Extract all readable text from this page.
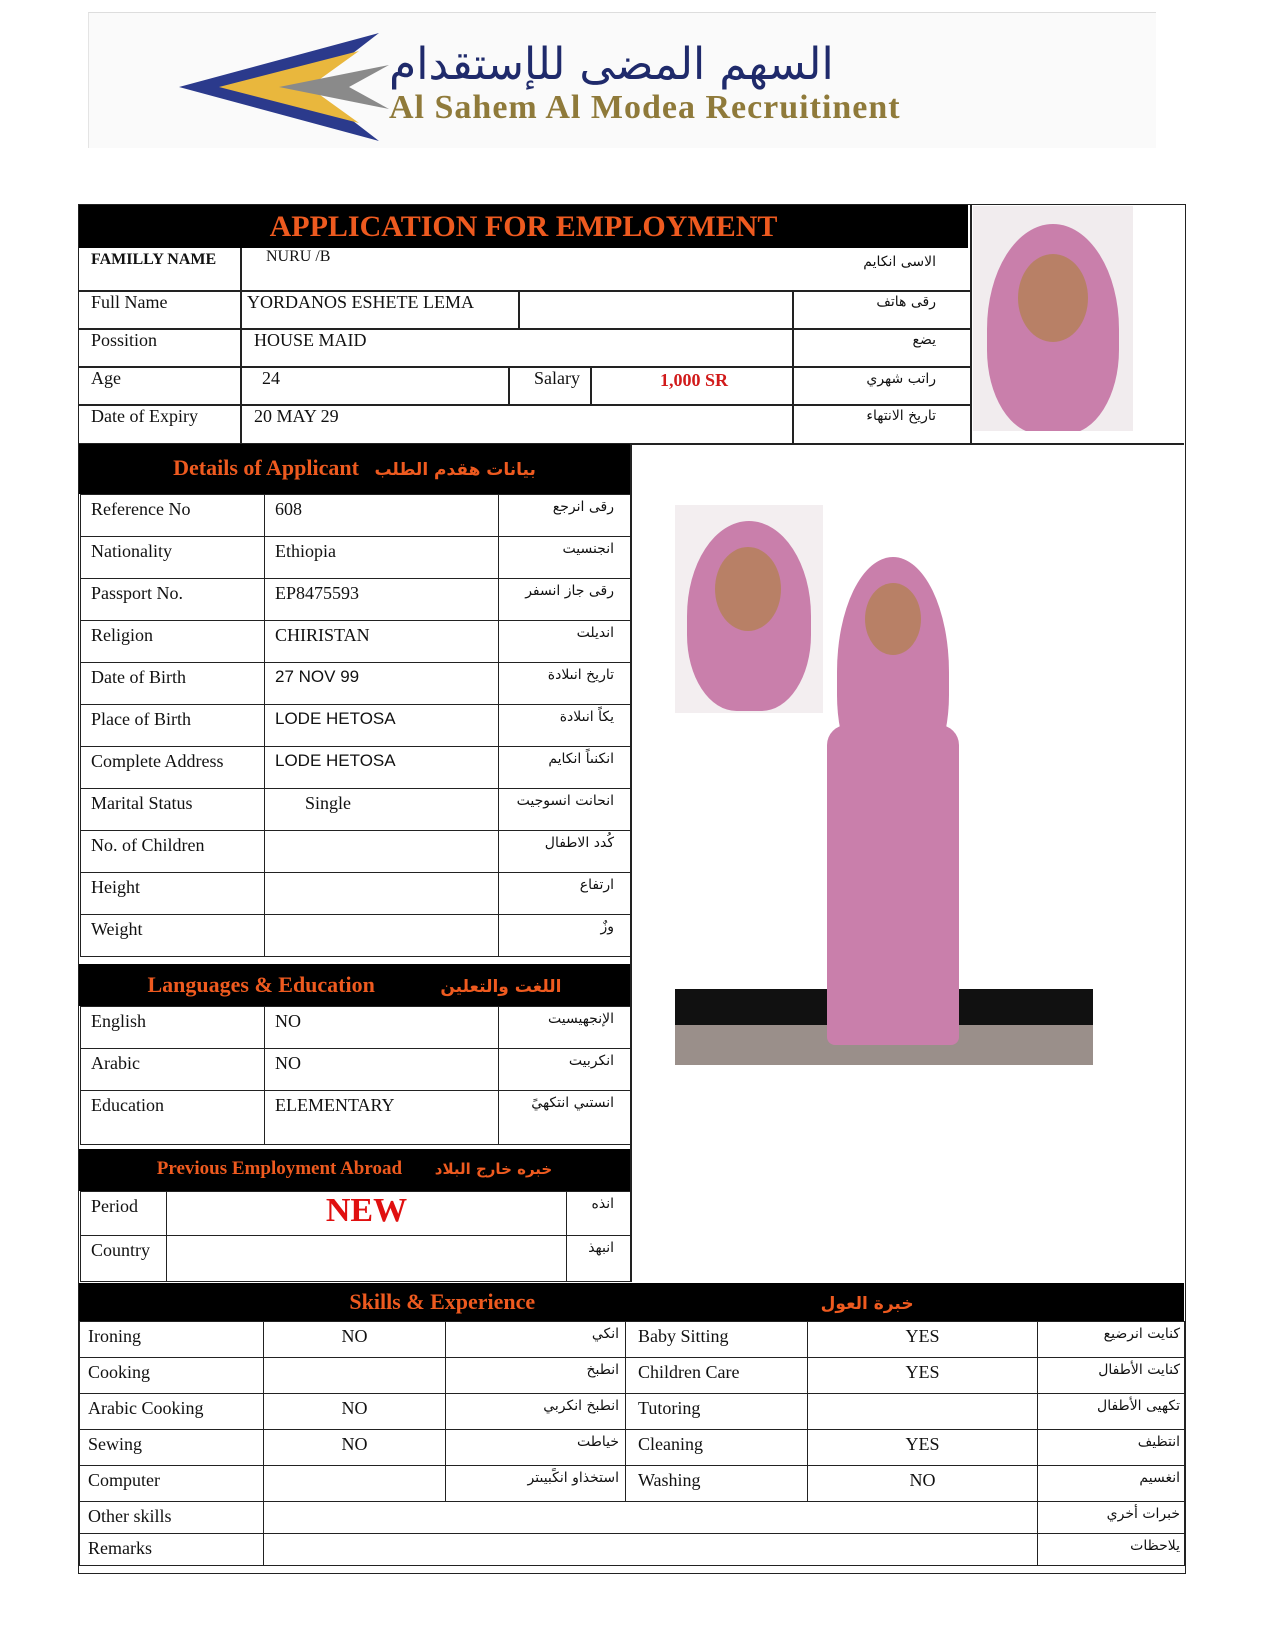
السهم المضى للإستقدام
Al Sahem Al Modea Recruitinent
APPLICATION FOR EMPLOYMENT
FAMILLY NAME	NURU /B	الاسى انكايم
Full Name	YORDANOS ESHETE LEMA	رقى هاتف
Possition	HOUSE MAID	يضع
Age	24	Salary	1,000 SR	راتب شهري
Date of Expiry	20 MAY 29	تاريخ الانتهاء
Details of Applicant بيانات هقدم الطلب
Reference No	608	رقى انرجع
Nationality	Ethiopia	انجنسيت
Passport No.	EP8475593	رقى جاز انسفر
Religion	CHIRISTAN	انديلت
Date of Birth	27 NOV 99	تاريخ انىلادة
Place of Birth	LODE HETOSA	يكاً انىلادة
Complete Address	LODE HETOSA	انكنىاً انكايم
Marital Status	Single	انحانت انسوجيت
No. of Children		كُدد الاطفال
Height		ارتفاع
Weight		وزٌ
Languages & Education	اللغت والتعلين
English	NO	الإنجهيسيت
Arabic	NO	انكربيت
Education	ELEMENTARY	انستىي انتكهيً
Previous Employment Abroad خبره خارج البلاد
Period	NEW	انذه
Country		انبهذ
Skills & Experience	خبرة العول
Ironing	NO	انكي	Baby Sitting	YES	كنايت انرضيع
Cooking		انطبخ	Children Care	YES	كنايت الأطفال
Arabic Cooking	NO	انطبخ انكربي	Tutoring		تكهيى الأطفال
Sewing	NO	خياطت	Cleaning	YES	انتظيف
Computer		استخذاو انكًبيىتر	Washing	NO	انغسيم
Other skills					خبرات أخري
Remarks					يلاحظات
